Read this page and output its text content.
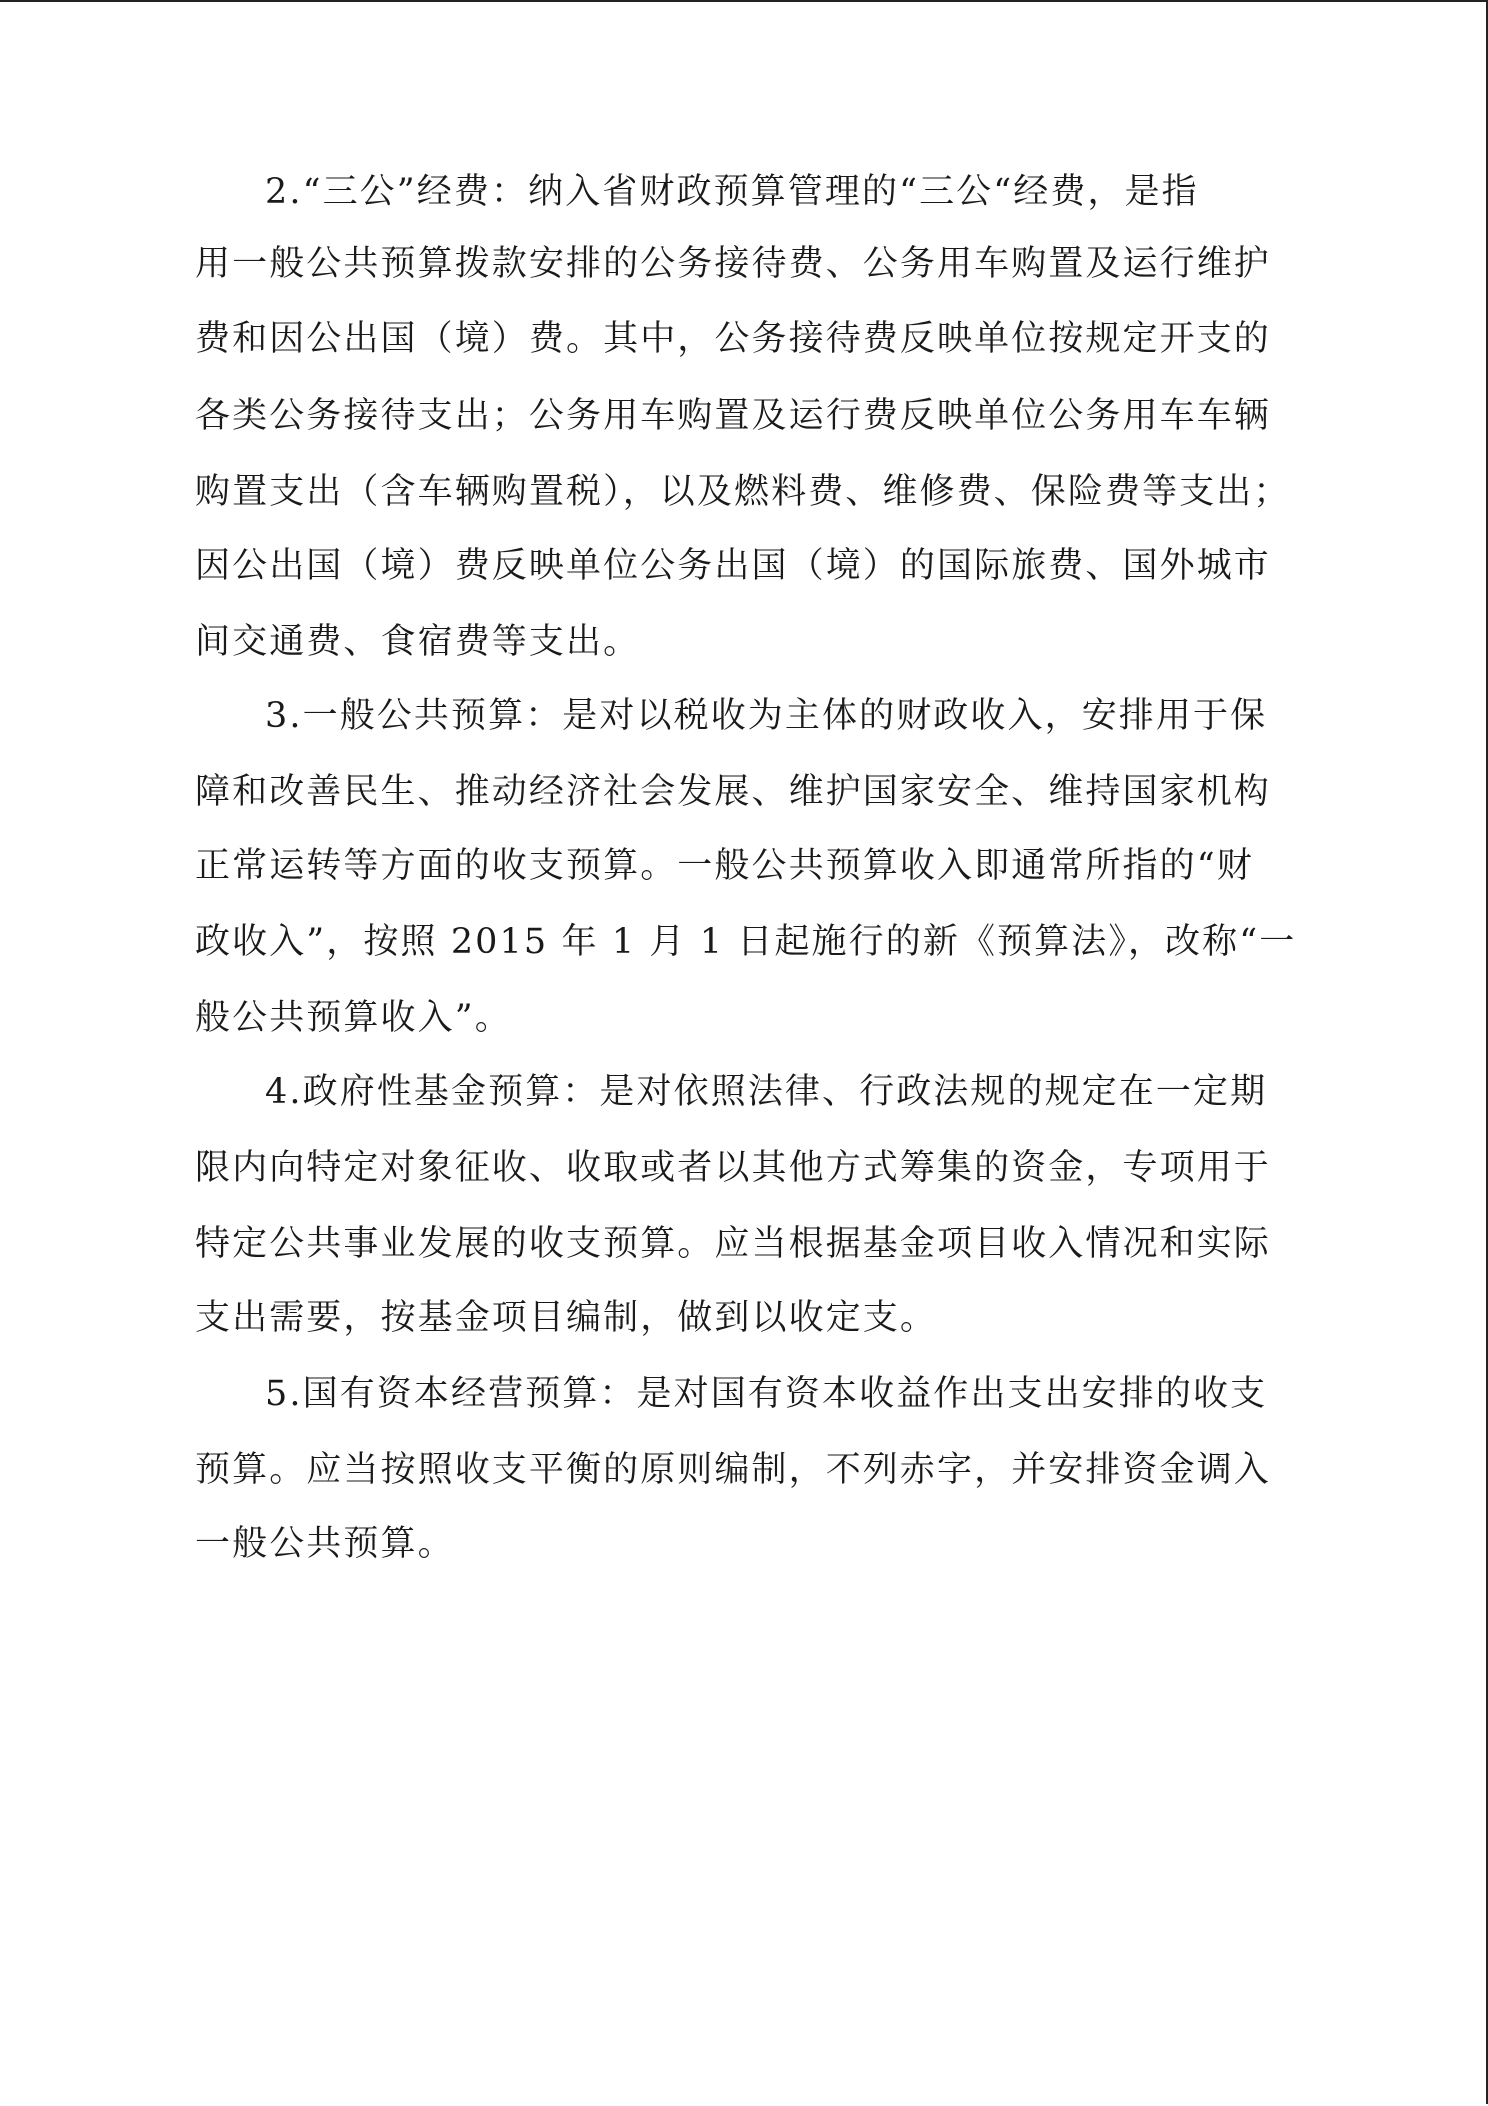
2.“三公”经费：纳入省财政预算管理的“三公“经费，是指
用一般公共预算拨款安排的公务接待费、公务用车购置及运行维护
费和因公出国（境）费。其中，公务接待费反映单位按规定开支的
各类公务接待支出；公务用车购置及运行费反映单位公务用车车辆
购置支出（含车辆购置税），以及燃料费、维修费、保险费等支出；
因公出国（境）费反映单位公务出国（境）的国际旅费、国外城市
间交通费、食宿费等支出。
3.一般公共预算：是对以税收为主体的财政收入，安排用于保
障和改善民生、推动经济社会发展、维护国家安全、维持国家机构
正常运转等方面的收支预算。一般公共预算收入即通常所指的“财
政收入”，按照 2015 年 1 月 1 日起施行的新《预算法》，改称“一
般公共预算收入”。
4.政府性基金预算：是对依照法律、行政法规的规定在一定期
限内向特定对象征收、收取或者以其他方式筹集的资金，专项用于
特定公共事业发展的收支预算。应当根据基金项目收入情况和实际
支出需要，按基金项目编制，做到以收定支。
5.国有资本经营预算：是对国有资本收益作出支出安排的收支
预算。应当按照收支平衡的原则编制，不列赤字，并安排资金调入
一般公共预算。
